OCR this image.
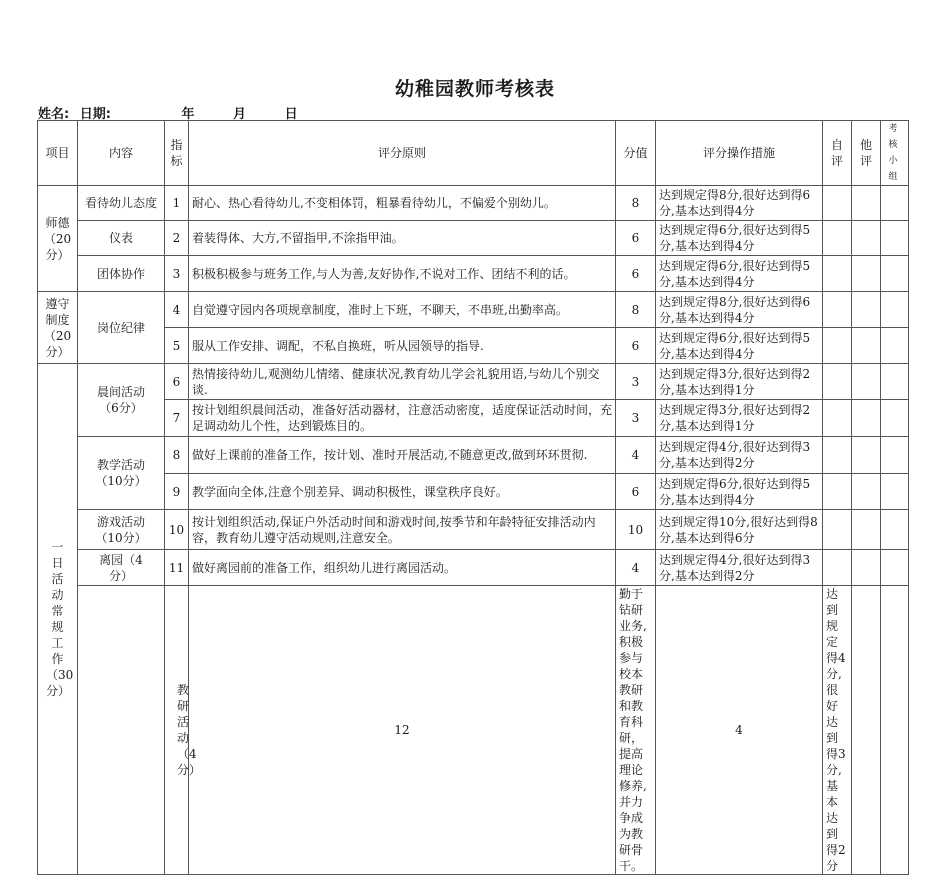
幼稚园教师考核表
姓名: 日期:	年	月	日
项目	内容	指标	评分原则	分值	评分操作措施	自评	他评	考核小组	
师德（20分）	看待幼儿态度	1	耐心、热心看待幼儿,不变相体罚，粗暴看待幼儿，不偏爱个别幼儿。	8	达到规定得8分,很好达到得6分,基本达到得4分				
	仪表	2	着装得体、大方,不留指甲,不涂指甲油。	6	达到规定得6分,很好达到得5分,基本达到得4分				
	团体协作	3	积极积极参与班务工作,与人为善,友好协作,不说对工作、团结不利的话。	6	达到规定得6分,很好达到得5分,基本达到得4分				
遵守制度（20分）	岗位纪律	4	自觉遵守园内各项规章制度，准时上下班，不聊天，不串班,出勤率高。	8	达到规定得8分,很好达到得6分,基本达到得4分				
		5	服从工作安排、调配，不私自换班，听从园领导的指导.	6	达到规定得6分,很好达到得5分,基本达到得4分				
一日活动常规工作（30分）	晨间活动（6分）	6	热情接待幼儿,观测幼儿情绪、健康状况,教育幼儿学会礼貌用语,与幼儿个别交谈.	3	达到规定得3分,很好达到得2分,基本达到得1分				
		7	按计划组织晨间活动，准备好活动器材，注意活动密度，适度保证活动时间，充足调动幼儿个性，达到锻炼目的。	3	达到规定得3分,很好达到得2分,基本达到得1分				
	教学活动（10分）	8	做好上课前的准备工作，按计划、准时开展活动,不随意更改,做到环环贯彻.	4	达到规定得4分,很好达到得3分,基本达到得2分				
		9	教学面向全体,注意个别差异、调动积极性，课堂秩序良好。	6	达到规定得6分,很好达到得5分,基本达到得4分				
	游戏活动（10分）	10	按计划组织活动,保证户外活动时间和游戏时间,按季节和年龄特征安排活动内容，教育幼儿遵守活动规则,注意安全。	10	达到规定得10分,很好达到得8分,基本达到得6分				
	离园（4分）	11	做好离园前的准备工作，组织幼儿进行离园活动。	4	达到规定得4分,很好达到得3分,基本达到得2分				
		教研活动（4分）	12	勤于钻研业务,积极参与校本教研和教育科研，提高理论修养,并力争成为教研骨干。	4	达到规定得4分,很好达到得3分,基本达到得2分			
